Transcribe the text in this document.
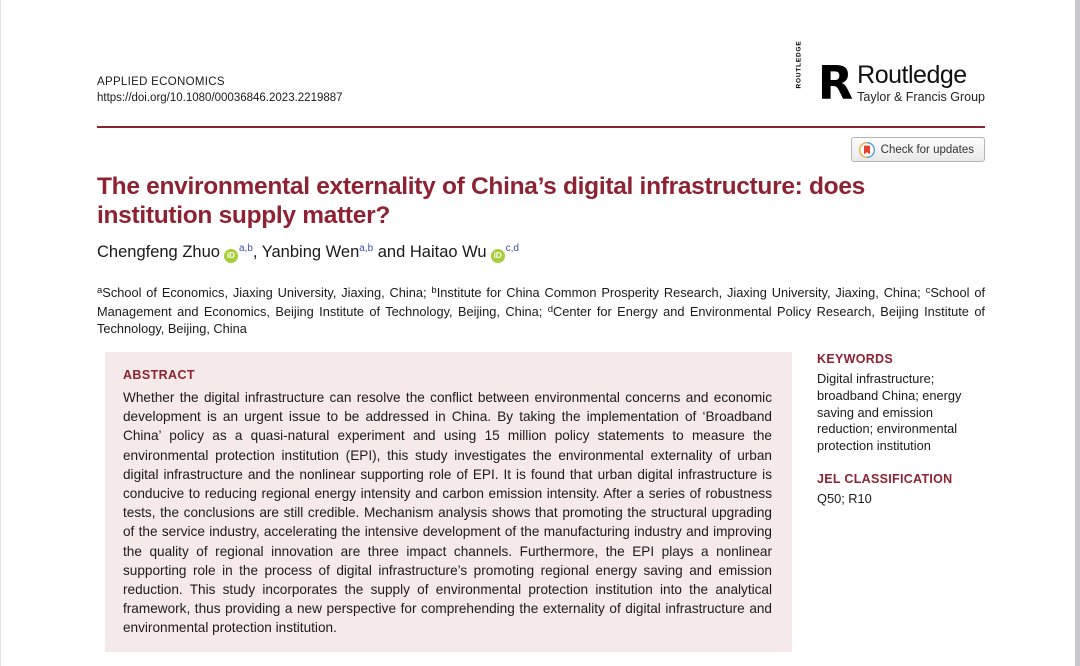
APPLIED ECONOMICS
https://doi.org/10.1080/00036846.2023.2219887
ROUTLEDGE R Routledge
Taylor & Francis Group
Check for updates
The environmental externality of China’s digital infrastructure: does institution supply matter?
Chengfeng Zhuo iD$^{a,b}$, Yanbing Wen$^{a,b}$ and Haitao Wu iD$^{c,d}$

$^a$School of Economics, Jiaxing University, Jiaxing, China; $^b$Institute for China Common Prosperity Research, Jiaxing University, Jiaxing, China; $^c$School of Management and Economics, Beijing Institute of Technology, Beijing, China; $^d$Center for Energy and Environmental Policy Research, Beijing Institute of Technology, Beijing, China

ABSTRACT
Whether the digital infrastructure can resolve the conflict between environmental concerns and economic development is an urgent issue to be addressed in China. By taking the implementation of ‘Broadband China’ policy as a quasi-natural experiment and using 15 million policy statements to measure the environmental protection institution (EPI), this study investigates the environmental externality of urban digital infrastructure and the nonlinear supporting role of EPI. It is found that urban digital infrastructure is conducive to reducing regional energy intensity and carbon emission intensity. After a series of robustness tests, the conclusions are still credible. Mechanism analysis shows that promoting the structural upgrading of the service industry, accelerating the intensive development of the manufacturing industry and improving the quality of regional innovation are three impact channels. Furthermore, the EPI plays a nonlinear supporting role in the process of digital infrastructure’s promoting regional energy saving and emission reduction. This study incorporates the supply of environmental protection institution into the analytical framework, thus providing a new perspective for comprehending the externality of digital infrastructure and environmental protection institution.
KEYWORDS
Digital infrastructure; broadband China; energy saving and emission reduction; environmental protection institution
JEL CLASSIFICATION
Q50; R10
